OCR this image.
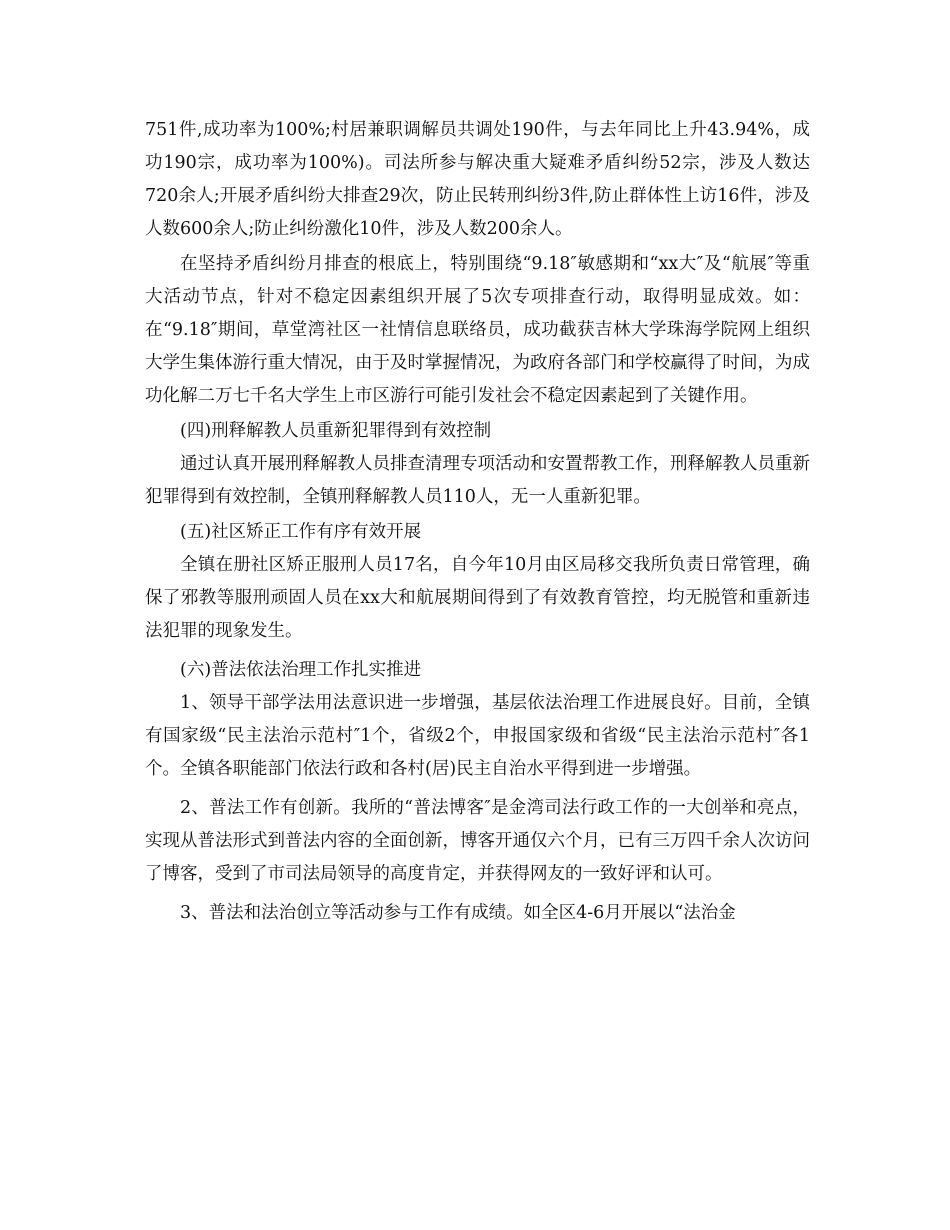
751件,成功率为100%;村居兼职调解员共调处190件，与去年同比上升43.94%，成功190宗，成功率为100%)。司法所参与解决重大疑难矛盾纠纷52宗，涉及人数达720余人;开展矛盾纠纷大排查29次，防止民转刑纠纷3件,防止群体性上访16件，涉及人数600余人;防止纠纷激化10件，涉及人数200余人。

在坚持矛盾纠纷月排查的根底上，特别围绕“9.18″敏感期和“xx大″及“航展″等重大活动节点，针对不稳定因素组织开展了5次专项排查行动，取得明显成效。如：在“9.18″期间，草堂湾社区一社情信息联络员，成功截获吉林大学珠海学院网上组织大学生集体游行重大情况，由于及时掌握情况，为政府各部门和学校赢得了时间，为成功化解二万七千名大学生上市区游行可能引发社会不稳定因素起到了关键作用。

(四)刑释解教人员重新犯罪得到有效控制

通过认真开展刑释解教人员排查清理专项活动和安置帮教工作，刑释解教人员重新犯罪得到有效控制，全镇刑释解教人员110人，无一人重新犯罪。

(五)社区矫正工作有序有效开展

全镇在册社区矫正服刑人员17名，自今年10月由区局移交我所负责日常管理，确保了邪教等服刑顽固人员在xx大和航展期间得到了有效教育管控，均无脱管和重新违法犯罪的现象发生。

(六)普法依法治理工作扎实推进

1、领导干部学法用法意识进一步增强，基层依法治理工作进展良好。目前，全镇有国家级“民主法治示范村″1个，省级2个，申报国家级和省级“民主法治示范村″各1个。全镇各职能部门依法行政和各村(居)民主自治水平得到进一步增强。

2、普法工作有创新。我所的“普法博客″是金湾司法行政工作的一大创举和亮点，实现从普法形式到普法内容的全面创新，博客开通仅六个月，已有三万四千余人次访问了博客，受到了市司法局领导的高度肯定，并获得网友的一致好评和认可。

3、普法和法治创立等活动参与工作有成绩。如全区4-6月开展以“法治金
